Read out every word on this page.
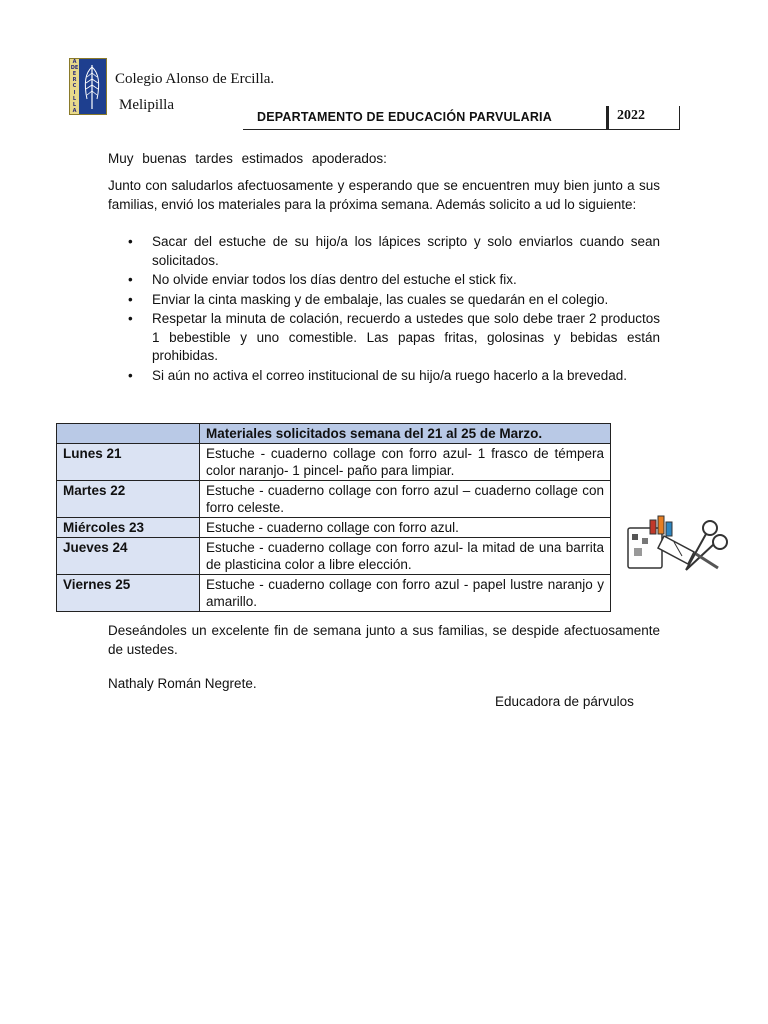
A
DE
E
R
C
I
L
L
A
Colegio Alonso de Ercilla.
Melipilla
DEPARTAMENTO DE EDUCACIÓN PARVULARIA	2022
Muy buenas tardes estimados apoderados:
Junto con saludarlos afectuosamente y esperando que se encuentren muy bien junto a sus familias, envió los materiales para la próxima semana. Además solicito a ud lo siguiente:
• Sacar del estuche de su hijo/a los lápices scripto y solo enviarlos cuando sean solicitados.
• No olvide enviar todos los días dentro del estuche el stick fix.
• Enviar la cinta masking y de embalaje, las cuales se quedarán en el colegio.
• Respetar la minuta de colación, recuerdo a ustedes que solo debe traer 2 productos 1 bebestible y uno comestible. Las papas fritas, golosinas y bebidas están prohibidas.
• Si aún no activa el correo institucional de su hijo/a ruego hacerlo a la brevedad.
	Materiales solicitados semana del 21 al 25 de Marzo.
Lunes 21	Estuche - cuaderno collage con forro azul- 1 frasco de témpera color naranjo- 1 pincel- paño para limpiar.
Martes 22	Estuche - cuaderno collage con forro azul – cuaderno collage con forro celeste.
Miércoles 23	Estuche - cuaderno collage con forro azul.
Jueves 24	Estuche - cuaderno collage con forro azul- la mitad de una barrita de plasticina color a libre elección.
Viernes 25	Estuche - cuaderno collage con forro azul - papel lustre naranjo y amarillo.
Deseándoles un excelente fin de semana junto a sus familias, se despide afectuosamente de ustedes.
Nathaly Román Negrete.
Educadora de párvulos
